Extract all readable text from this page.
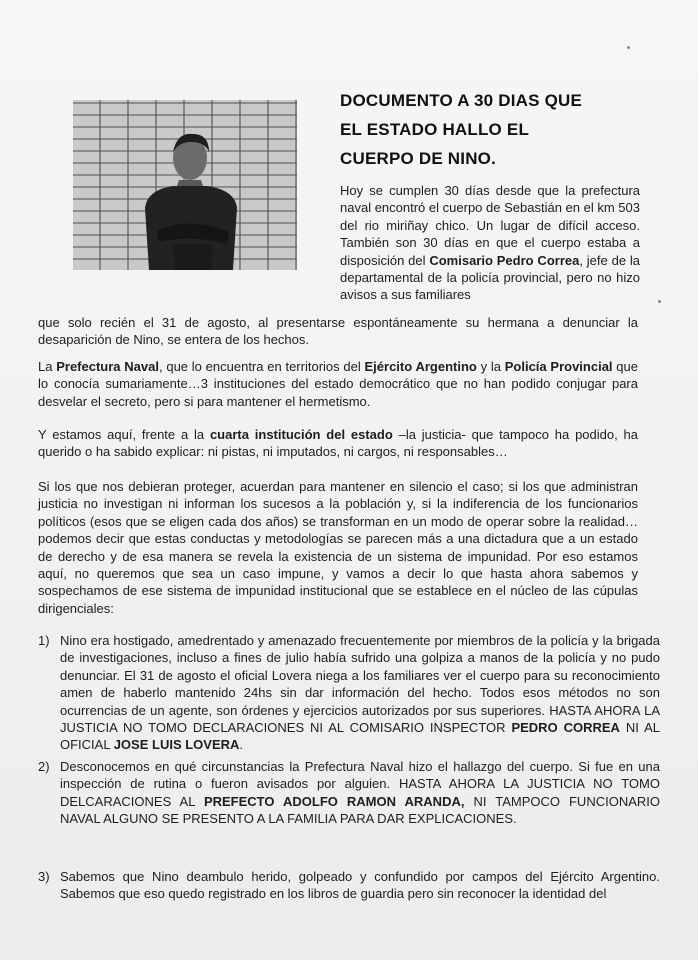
DOCUMENTO A 30 DIAS QUE
EL ESTADO HALLO EL
CUERPO DE NINO.
Hoy se cumplen 30 días desde que la prefectura naval encontró el cuerpo de Sebastián en el km 503 del rio miriñay chico. Un lugar de difícil acceso. También son 30 días en que el cuerpo estaba a disposición del Comisario Pedro Correa, jefe de la departamental de la policía provincial, pero no hizo avisos a sus familiares
que solo recién el 31 de agosto, al presentarse espontáneamente su hermana a denunciar la desaparición de Nino, se entera de los hechos.
La Prefectura Naval, que lo encuentra en territorios del Ejército Argentino y la Policía Provincial que lo conocía sumariamente…3 instituciones del estado democrático que no han podido conjugar para desvelar el secreto, pero si para mantener el hermetismo.
Y estamos aquí, frente a la cuarta institución del estado –la justicia- que tampoco ha podido, ha querido o ha sabido explicar: ni pistas, ni imputados, ni cargos, ni responsables…
Si los que nos debieran proteger, acuerdan para mantener en silencio el caso; si los que administran justicia no investigan ni informan los sucesos a la población y, si la indiferencia de los funcionarios políticos (esos que se eligen cada dos años) se transforman en un modo de operar sobre la realidad…podemos decir que estas conductas y metodologías se parecen más a una dictadura que a un estado de derecho y de esa manera se revela la existencia de un sistema de impunidad. Por eso estamos aquí, no queremos que sea un caso impune, y vamos a decir lo que hasta ahora sabemos y sospechamos de ese sistema de impunidad institucional que se establece en el núcleo de las cúpulas dirigenciales:
1) Nino era hostigado, amedrentado y amenazado frecuentemente por miembros de la policía y la brigada de investigaciones, incluso a fines de julio había sufrido una golpiza a manos de la policía y no pudo denunciar. El 31 de agosto el oficial Lovera niega a los familiares ver el cuerpo para su reconocimiento amen de haberlo mantenido 24hs sin dar información del hecho. Todos esos métodos no son ocurrencias de un agente, son órdenes y ejercicios autorizados por sus superiores. HASTA AHORA LA JUSTICIA NO TOMO DECLARACIONES NI AL COMISARIO INSPECTOR PEDRO CORREA NI AL OFICIAL JOSE LUIS LOVERA.
2) Desconocemos en qué circunstancias la Prefectura Naval hizo el hallazgo del cuerpo. Si fue en una inspección de rutina o fueron avisados por alguien. HASTA AHORA LA JUSTICIA NO TOMO DELCARACIONES AL PREFECTO ADOLFO RAMON ARANDA, NI TAMPOCO FUNCIONARIO NAVAL ALGUNO SE PRESENTO A LA FAMILIA PARA DAR EXPLICACIONES.
3) Sabemos que Nino deambulo herido, golpeado y confundido por campos del Ejército Argentino. Sabemos que eso quedo registrado en los libros de guardia pero sin reconocer la identidad del
